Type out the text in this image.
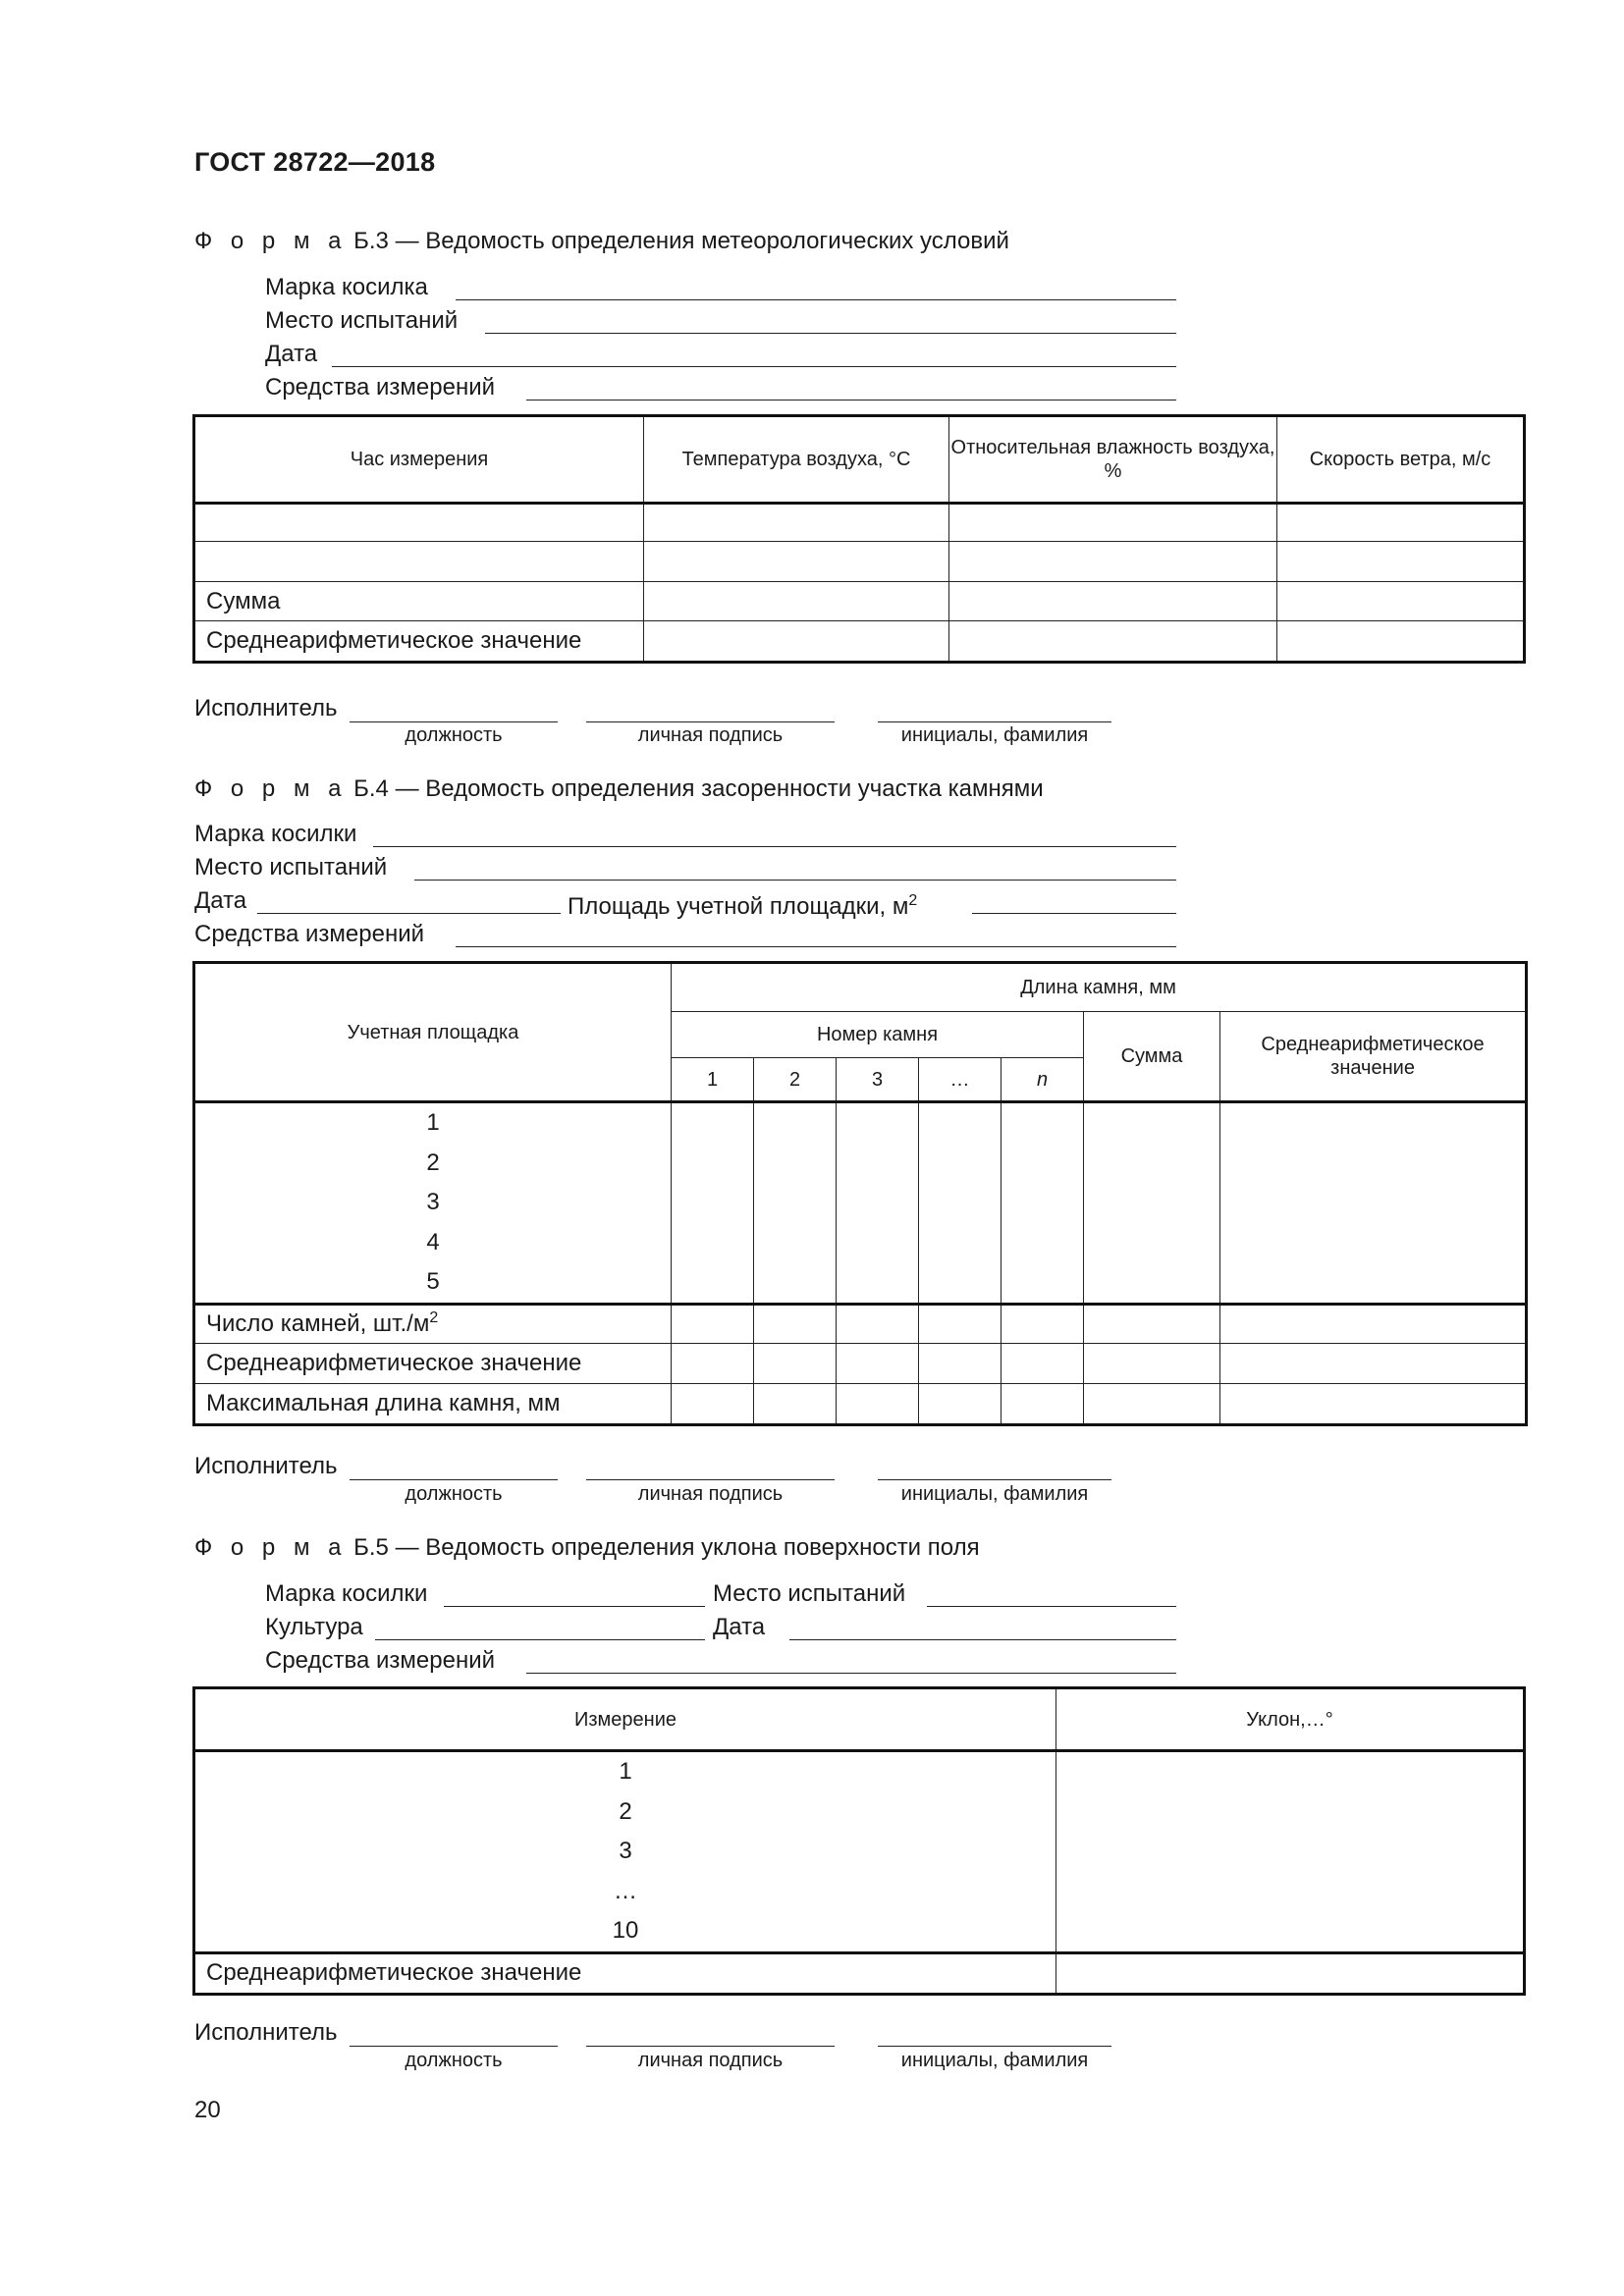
ГОСТ 28722—2018
Ф о р м а Б.3 — Ведомость определения метеорологических условий
Марка косилка
Место испытаний
Дата
Средства измерений
Час измерения	Температура воздуха, °С	Относительная влажность воздуха, %	Скорость ветра, м/с

Сумма			
Среднеарифметическое значение			
Исполнитель
должность	личная подпись	инициалы, фамилия
Ф о р м а Б.4 — Ведомость определения засоренности участка камнями
Марка косилки
Место испытаний
Дата	Площадь учетной площадки, $м^2$
Средства измерений
Учетная площадка	Длина камня, мм						
	Номер камня					Сумма	Среднеарифметическое значение
	1	2	3	…	n		

1
2
3
4
5							

Число камней, $шт./м^2$							
Среднеарифметическое значение							
Максимальная длина камня, мм							
Исполнитель
должность	личная подпись	инициалы, фамилия
Ф о р м а Б.5 — Ведомость определения уклона поверхности поля
Марка косилки	Место испытаний
Культура	Дата
Средства измерений
Измерение	Уклон,…°

1
2
3
…
10	

Среднеарифметическое значение	
Исполнитель
должность	личная подпись	инициалы, фамилия
20
